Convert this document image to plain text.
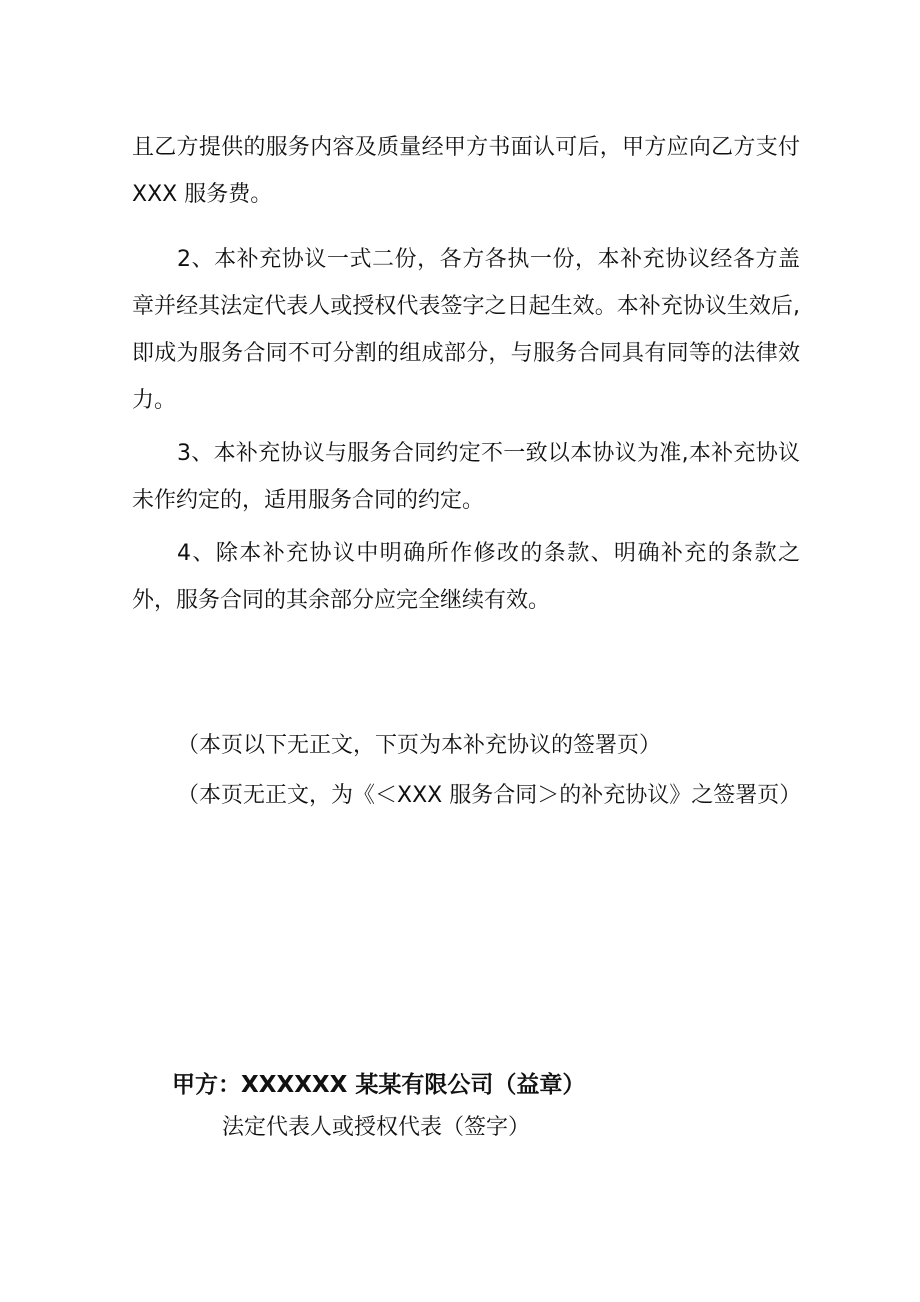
且乙方提供的服务内容及质量经甲方书面认可后，甲方应向乙方支付 XXX 服务费。

2、本补充协议一式二份，各方各执一份，本补充协议经各方盖章并经其法定代表人或授权代表签字之日起生效。本补充协议生效后,即成为服务合同不可分割的组成部分，与服务合同具有同等的法律效力。

3、本补充协议与服务合同约定不一致以本协议为准,本补充协议未作约定的，适用服务合同的约定。

4、除本补充协议中明确所作修改的条款、明确补充的条款之外，服务合同的其余部分应完全继续有效。

（本页以下无正文，下页为本补充协议的签署页）

（本页无正文，为《＜XXX 服务合同＞的补充协议》之签署页）

甲方：XXXXXX 某某有限公司（益章）

法定代表人或授权代表（签字）
